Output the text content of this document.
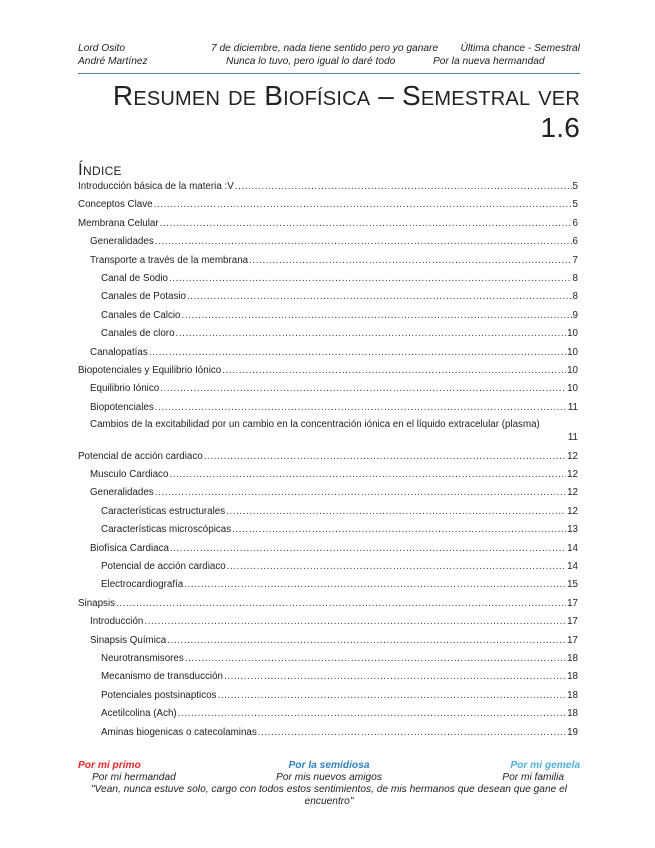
Lord Osito	7 de diciembre, nada tiene sentido pero yo ganare Última chance - Semestral
André Martínez	Nunca lo tuvo, pero igual lo daré todo	Por la nueva hermandad
Resumen de Biofísica – Semestral ver
1.6
Índice
Introducción básica de la materia :V .....	5
Conceptos Clave .....	5
Membrana Celular .....	6
Generalidades .....	6
Transporte a través de la membrana .....	7
Canal de Sodio .....	8
Canales de Potasio .....	8
Canales de Calcio .....	9
Canales de cloro .....	10
Canalopatías .....	10
Biopotenciales y Equilibrio Iónico .....	10
Equilibrio Iónico .....	10
Biopotenciales .....	11
Cambios de la excitabilidad por un cambio en la concentración iónica en el líquido extracelular (plasma)
11
Potencial de acción cardiaco .....	12
Musculo Cardiaco .....	12
Generalidades .....	12
Características estructurales .....	12
Características microscópicas .....	13
Biofísica Cardiaca .....	14
Potencial de acción cardiaco .....	14
Electrocardiografía .....	15
Sinapsis .....	17
Introducción .....	17
Sinapsis Química .....	17
Neurotransmisores .....	18
Mecanismo de transducción .....	18
Potenciales postsinapticos .....	18
Acetilcolina (Ach) .....	18
Aminas biogenicas o catecolaminas .....	19
Por mi primo	Por la semidiosa	Por mi gemela
Por mi hermandad	Por mis nuevos amigos	Por mi familia
"Vean, nunca estuve solo, cargo con todos estos sentimientos, de mis hermanos que desean que gane el encuentro"
